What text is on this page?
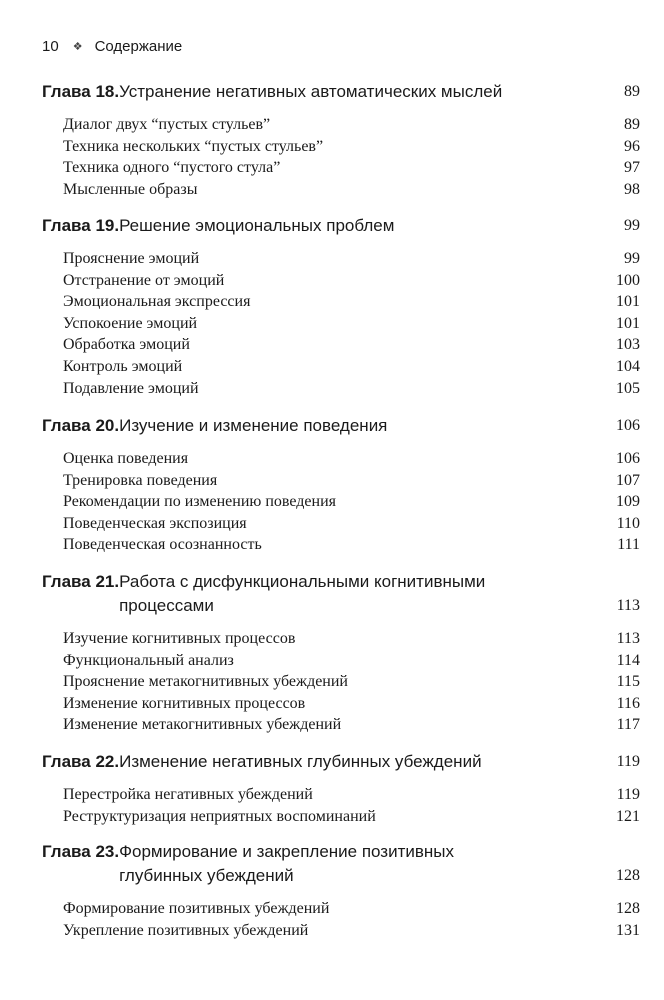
10 ❖ Содержание
Глава 18. Устранение негативных автоматических мыслей	89
Диалог двух “пустых стульев”	89
Техника нескольких “пустых стульев”	96
Техника одного “пустого стула”	97
Мысленные образы	98
Глава 19. Решение эмоциональных проблем	99
Прояснение эмоций	99
Отстранение от эмоций	100
Эмоциональная экспрессия	101
Успокоение эмоций	101
Обработка эмоций	103
Контроль эмоций	104
Подавление эмоций	105
Глава 20. Изучение и изменение поведения	106
Оценка поведения	106
Тренировка поведения	107
Рекомендации по изменению поведения	109
Поведенческая экспозиция	110
Поведенческая осознанность	111
Глава 21. Работа с дисфункциональными когнитивными процессами	113
Изучение когнитивных процессов	113
Функциональный анализ	114
Прояснение метакогнитивных убеждений	115
Изменение когнитивных процессов	116
Изменение метакогнитивных убеждений	117
Глава 22. Изменение негативных глубинных убеждений	119
Перестройка негативных убеждений	119
Реструктуризация неприятных воспоминаний	121
Глава 23. Формирование и закрепление позитивных глубинных убеждений	128
Формирование позитивных убеждений	128
Укрепление позитивных убеждений	131
